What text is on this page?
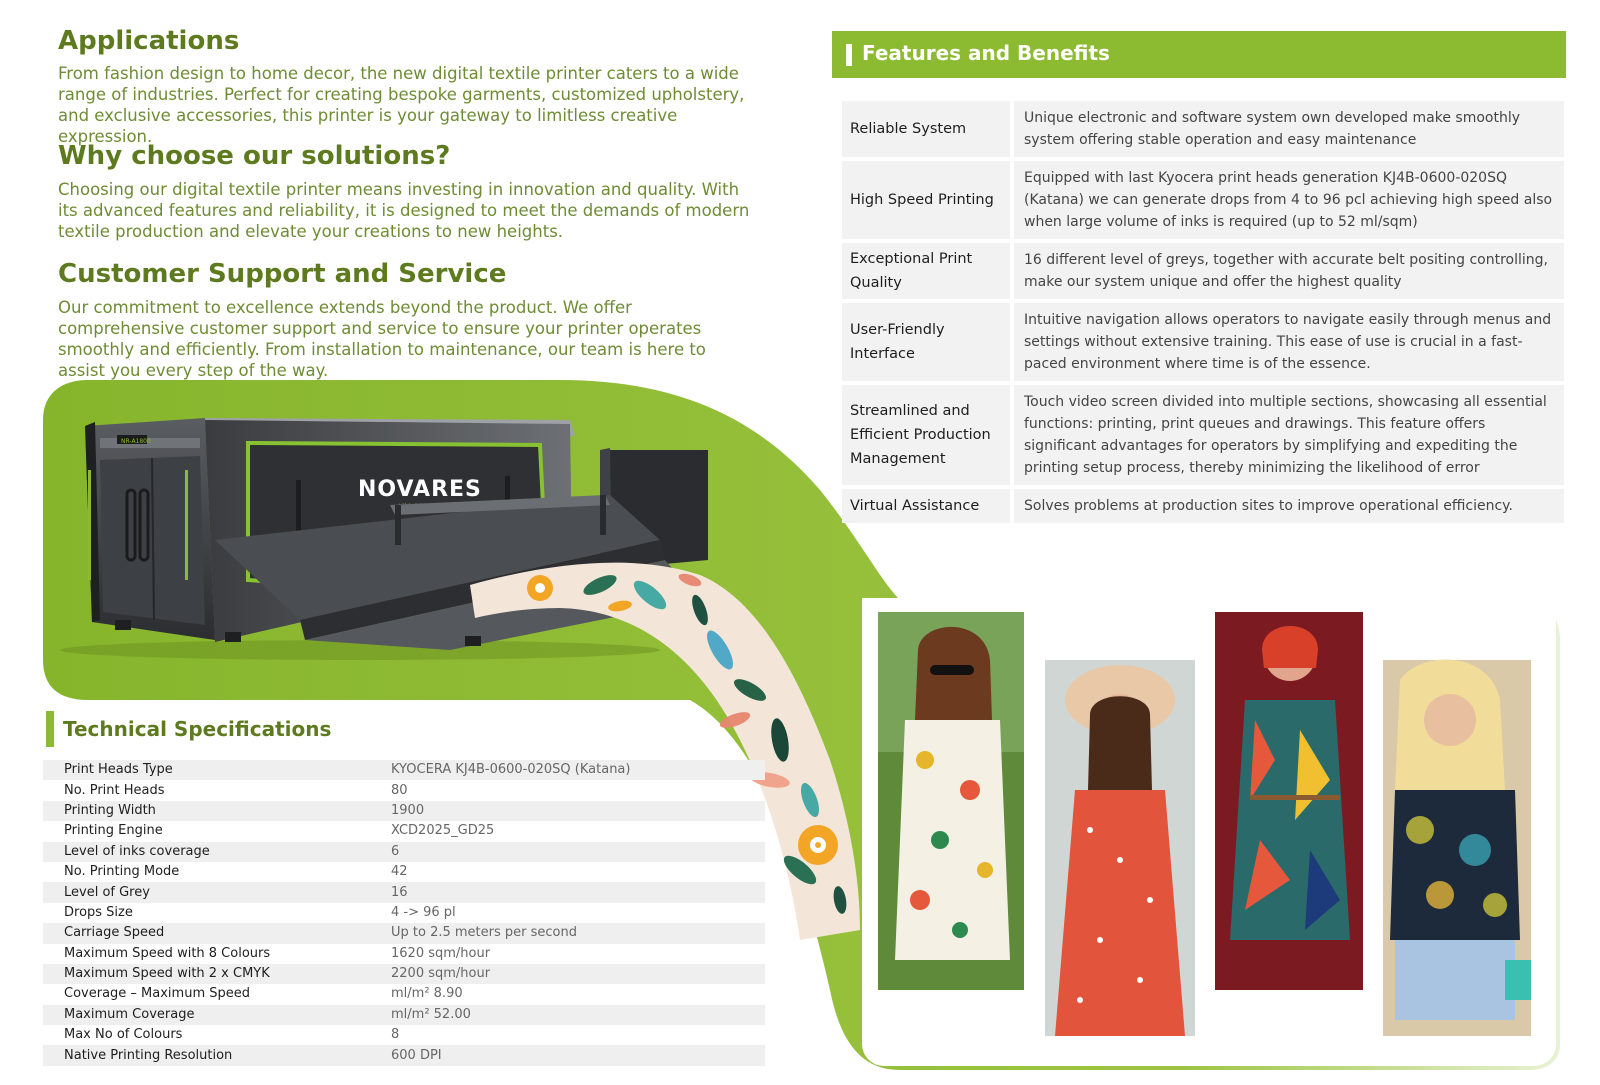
Applications

From fashion design to home decor, the new digital textile printer caters to a wide range of industries. Perfect for creating bespoke garments, customized upholstery, and exclusive accessories, this printer is your gateway to limitless creative expression.

Why choose our solutions?

Choosing our digital textile printer means investing in innovation and quality. With its advanced features and reliability, it is designed to meet the demands of modern textile production and elevate your creations to new heights.

Customer Support and Service

Our commitment to excellence extends beyond the product. We offer comprehensive customer support and service to ensure your printer operates smoothly and efficiently. From installation to maintenance, our team is here to assist you every step of the way.

NR-A1800
NOVARES
Features and Benefits
Reliable System	Unique electronic and software system own developed make smoothly system offering stable operation and easy maintenance
High Speed Printing	Equipped with last Kyocera print heads generation KJ4B-0600-020SQ (Katana) we can generate drops from 4 to 96 pcl achieving high speed also when large volume of inks is required (up to 52 ml/sqm)
Exceptional Print Quality	16 different level of greys, together with accurate belt positing controlling, make our system unique and offer the highest quality
User-Friendly Interface	Intuitive navigation allows operators to navigate easily through menus and settings without extensive training. This ease of use is crucial in a fast-paced environment where time is of the essence.
Streamlined and Efficient Production Management	Touch video screen divided into multiple sections, showcasing all essential functions: printing, print queues and drawings. This feature offers significant advantages for operators by simplifying and expediting the printing setup process, thereby minimizing the likelihood of error
Virtual Assistance	Solves problems at production sites to improve operational efficiency.
Technical Specifications
Print Heads Type	KYOCERA KJ4B-0600-020SQ (Katana)
No. Print Heads	80
Printing Width	1900
Printing Engine	XCD2025_GD25
Level of inks coverage	6
No. Printing Mode	42
Level of Grey	16
Drops Size	4 -> 96 pl
Carriage Speed	Up to 2.5 meters per second
Maximum Speed with 8 Colours	1620 sqm/hour
Maximum Speed with 2 x CMYK	2200 sqm/hour
Coverage – Maximum Speed	ml/m² 8.90
Maximum Coverage	ml/m² 52.00
Max No of Colours	8
Native Printing Resolution	600 DPI
